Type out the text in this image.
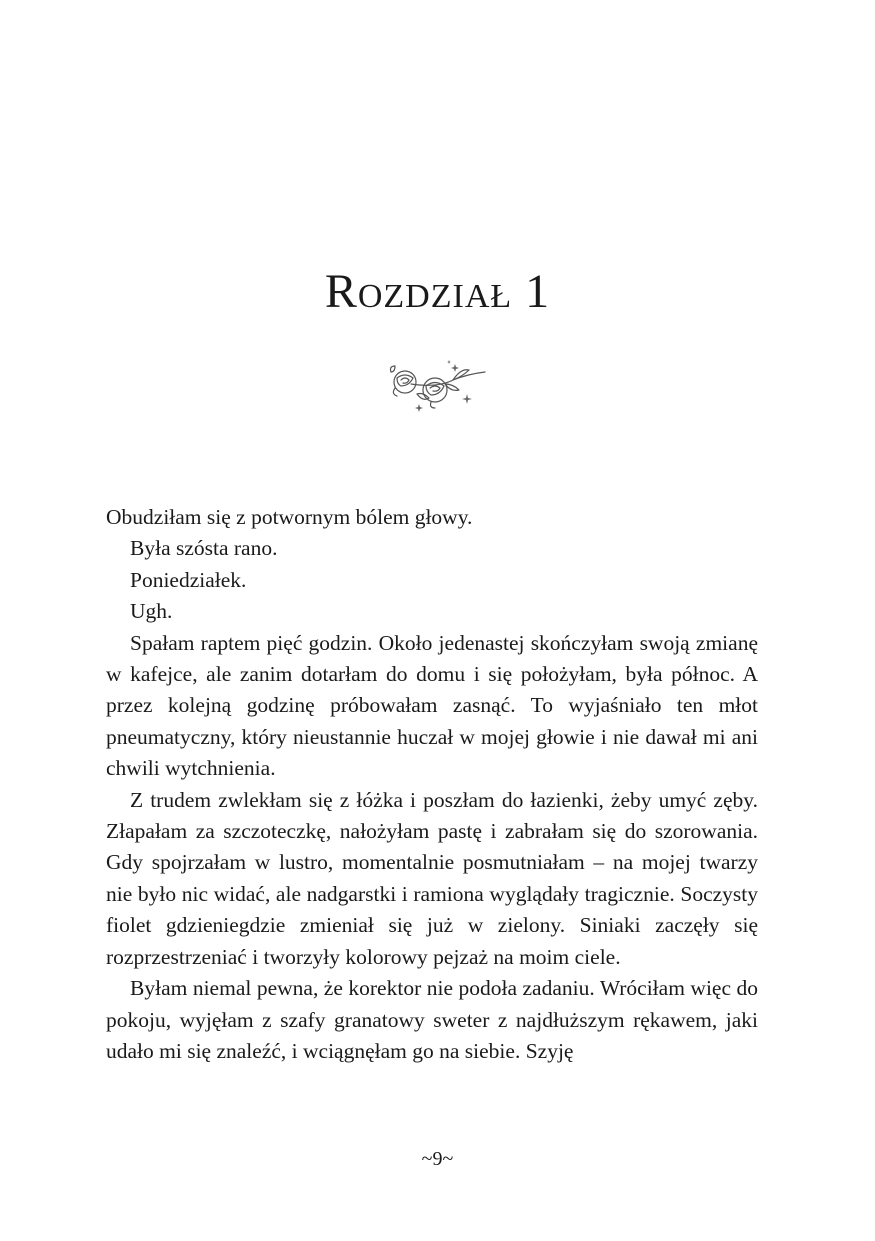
Rozdział 1

Obudziłam się z potwornym bólem głowy.

Była szósta rano.

Poniedziałek.

Ugh.

Spałam raptem pięć godzin. Około jedenastej skończyłam swoją zmianę w kafejce, ale zanim dotarłam do domu i się położyłam, była północ. A przez kolejną godzinę próbowałam zasnąć. To wyjaśniało ten młot pneumatyczny, który nieustannie huczał w mojej głowie i nie dawał mi ani chwili wytchnienia.

Z trudem zwlekłam się z łóżka i poszłam do łazienki, żeby umyć zęby. Złapałam za szczoteczkę, nałożyłam pastę i zabrałam się do szorowania. Gdy spojrzałam w lustro, momentalnie posmutniałam – na mojej twarzy nie było nic widać, ale nadgarstki i ramiona wyglądały tragicznie. Soczysty fiolet gdzieniegdzie zmieniał się już w zielony. Siniaki zaczęły się rozprzestrzeniać i tworzyły kolorowy pejzaż na moim ciele.

Byłam niemal pewna, że korektor nie podoła zadaniu. Wróciłam więc do pokoju, wyjęłam z szafy granatowy sweter z najdłuższym rękawem, jaki udało mi się znaleźć, i wciągnęłam go na siebie. Szyję

~9~
